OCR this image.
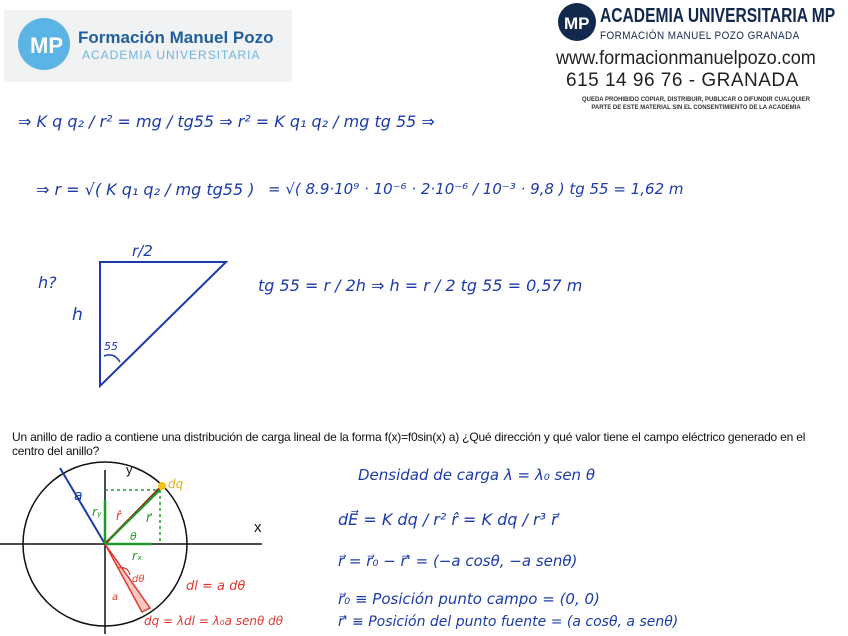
MP
MP
Formación Manuel Pozo
ACADEMIA UNIVERSITARIA
ACADEMIA UNIVERSITARIA MP
FORMACIÓN MANUEL POZO GRANADA
www.formacionmanuelpozo.com
615 14 96 76 - GRANADA
QUEDA PROHIBIDO COPIAR, DISTRIBUIR, PUBLICAR O DIFUNDIR CUALQUIER
PARTE DE ESTE MATERIAL SIN EL CONSENTIMIENTO DE LA ACADEMIA
⇒ K q q₂ / r² = mg / tg55 ⇒ r² = K q₁ q₂ / mg tg 55 ⇒
⇒ r = √( K q₁ q₂ / mg tg55 ) = √( 8.9·10⁹ · 10⁻⁶ · 2·10⁻⁶ / 10⁻³ · 9,8 ) tg 55 = 1,62 m
tg 55 = r / 2h ⇒ h = r / 2 tg 55 = 0,57 m
r/2
h?
h
55
Un anillo de radio a contiene una distribución de carga lineal de la forma f(x)=f0sin(x) a) ¿Qué dirección y qué valor tiene el campo eléctrico generado en el centro del anillo?
x
y
a
rᵧ
rₓ
r̂ r⃗
θ
dq
dθ
a
dl = a dθ
dq = λdl = λ₀a senθ dθ
Densidad de carga λ = λ₀ sen θ
dE⃗ = K dq / r² r̂ = K dq / r³ r⃗
r⃗ = r⃗₀ − r⃗' = (−a cosθ, −a senθ)
r⃗₀ ≡ Posición punto campo = (0, 0)
r⃗' ≡ Posición del punto fuente = (a cosθ, a senθ)
